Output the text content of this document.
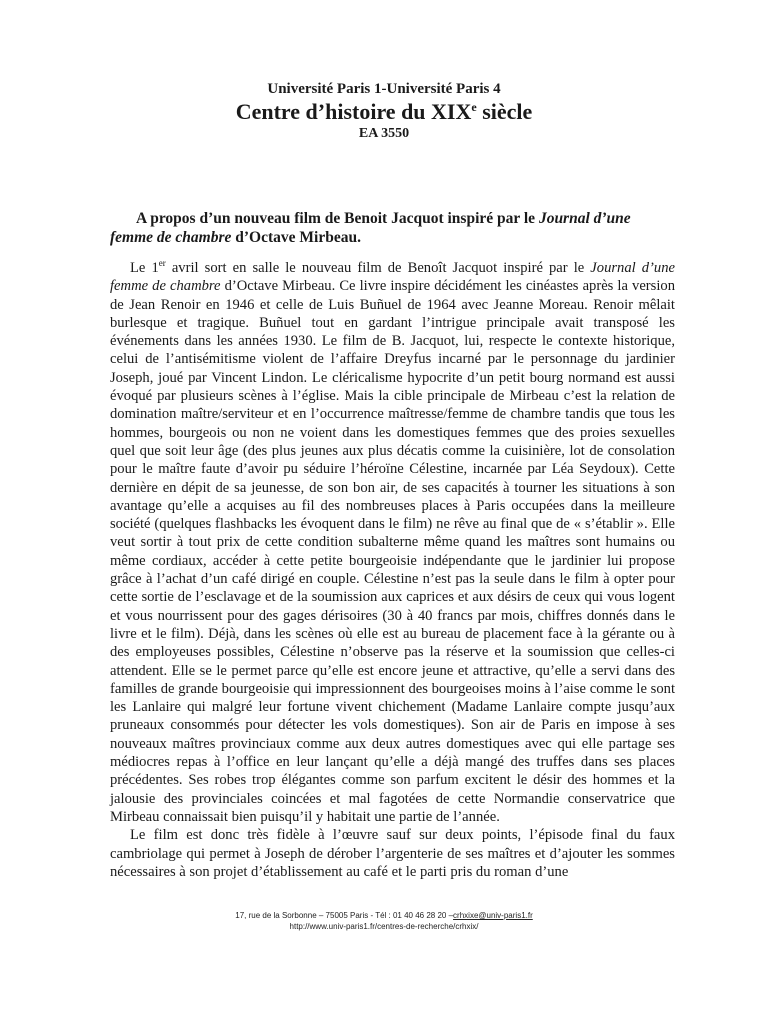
Université Paris 1-Université Paris 4
Centre d’histoire du XIXe siècle
EA 3550
A propos d’un nouveau film de Benoit Jacquot inspiré par le Journal d’une femme de chambre d’Octave Mirbeau.

Le 1er avril sort en salle le nouveau film de Benoît Jacquot inspiré par le Journal d’une femme de chambre d’Octave Mirbeau. Ce livre inspire décidément les cinéastes après la version de Jean Renoir en 1946 et celle de Luis Buñuel de 1964 avec Jeanne Moreau. Renoir mêlait burlesque et tragique. Buñuel tout en gardant l’intrigue principale avait transposé les événements dans les années 1930. Le film de B. Jacquot, lui, respecte le contexte historique, celui de l’antisémitisme violent de l’affaire Dreyfus incarné par le personnage du jardinier Joseph, joué par Vincent Lindon. Le cléricalisme hypocrite d’un petit bourg normand est aussi évoqué par plusieurs scènes à l’église. Mais la cible principale de Mirbeau c’est la relation de domination maître/serviteur et en l’occurrence maîtresse/femme de chambre tandis que tous les hommes, bourgeois ou non ne voient dans les domestiques femmes que des proies sexuelles quel que soit leur âge (des plus jeunes aux plus décatis comme la cuisinière, lot de consolation pour le maître faute d’avoir pu séduire l’héroïne Célestine, incarnée par Léa Seydoux). Cette dernière en dépit de sa jeunesse, de son bon air, de ses capacités à tourner les situations à son avantage qu’elle a acquises au fil des nombreuses places à Paris occupées dans la meilleure société (quelques flashbacks les évoquent dans le film) ne rêve au final que de « s’établir ». Elle veut sortir à tout prix de cette condition subalterne même quand les maîtres sont humains ou même cordiaux, accéder à cette petite bourgeoisie indépendante que le jardinier lui propose grâce à l’achat d’un café dirigé en couple. Célestine n’est pas la seule dans le film à opter pour cette sortie de l’esclavage et de la soumission aux caprices et aux désirs de ceux qui vous logent et vous nourrissent pour des gages dérisoires (30 à 40 francs par mois, chiffres donnés dans le livre et le film). Déjà, dans les scènes où elle est au bureau de placement face à la gérante ou à des employeuses possibles, Célestine n’observe pas la réserve et la soumission que celles-ci attendent. Elle se le permet parce qu’elle est encore jeune et attractive, qu’elle a servi dans des familles de grande bourgeoisie qui impressionnent des bourgeoises moins à l’aise comme le sont les Lanlaire qui malgré leur fortune vivent chichement (Madame Lanlaire compte jusqu’aux pruneaux consommés pour détecter les vols domestiques). Son air de Paris en impose à ses nouveaux maîtres provinciaux comme aux deux autres domestiques avec qui elle partage ses médiocres repas à l’office en leur lançant qu’elle a déjà mangé des truffes dans ses places précédentes. Ses robes trop élégantes comme son parfum excitent le désir des hommes et la jalousie des provinciales coincées et mal fagotées de cette Normandie conservatrice que Mirbeau connaissait bien puisqu’il y habitait une partie de l’année.

Le film est donc très fidèle à l’œuvre sauf sur deux points, l’épisode final du faux cambriolage qui permet à Joseph de dérober l’argenterie de ses maîtres et d’ajouter les sommes nécessaires à son projet d’établissement au café et le parti pris du roman d’une

17, rue de la Sorbonne – 75005 Paris - Tél : 01 40 46 28 20 –crhxixe@univ-paris1.fr
http://www.univ-paris1.fr/centres-de-recherche/crhxix/
